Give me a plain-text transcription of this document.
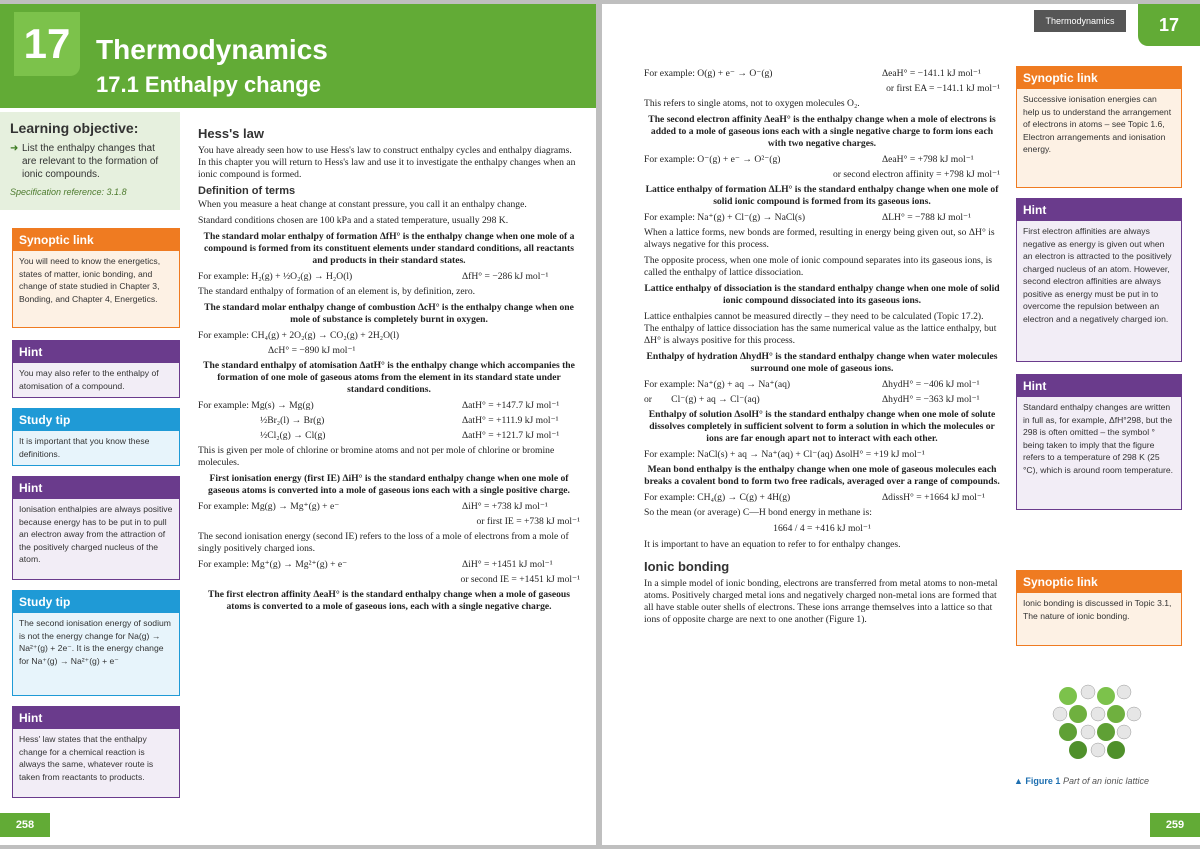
17 Thermodynamics
17.1 Enthalpy change
Learning objective:
➜ List the enthalpy changes that are relevant to the formation of ionic compounds.
Specification reference: 3.1.8
Synoptic link
You will need to know the energetics, states of matter, ionic bonding, and change of state studied in Chapter 3, Bonding, and Chapter 4, Energetics.
Hint
You may also refer to the enthalpy of atomisation of a compound.
Study tip
It is important that you know these definitions.
Hint
Ionisation enthalpies are always positive because energy has to be put in to pull an electron away from the attraction of the positively charged nucleus of the atom.
Study tip
The second ionisation energy of sodium is not the energy change for Na(g) → Na²⁺(g) + 2e⁻. It is the energy change for Na⁺(g) → Na²⁺(g) + e⁻
Hint
Hess' law states that the enthalpy change for a chemical reaction is always the same, whatever route is taken from reactants to products.
Hess's law

You have already seen how to use Hess's law to construct enthalpy cycles and enthalpy diagrams. In this chapter you will return to Hess's law and use it to investigate the enthalpy changes when an ionic compound is formed.

Definition of terms

When you measure a heat change at constant pressure, you call it an enthalpy change.

Standard conditions chosen are 100 kPa and a stated temperature, usually 298 K.

The standard molar enthalpy of formation ΔfH° is the enthalpy change when one mole of a compound is formed from its constituent elements under standard conditions, all reactants and products in their standard states.

For example: H₂(g) + ½O₂(g) → H₂O(l)	ΔfH° = −286 kJ mol⁻¹

The standard enthalpy of formation of an element is, by definition, zero.

The standard molar enthalpy change of combustion ΔcH° is the enthalpy change when one mole of substance is completely burnt in oxygen.

For example: CH₄(g) + 2O₂(g) → CO₂(g) + 2H₂O(l)
ΔcH° = −890 kJ mol⁻¹

The standard enthalpy of atomisation ΔatH° is the enthalpy change which accompanies the formation of one mole of gaseous atoms from the element in its standard state under standard conditions.

For example: Mg(s) → Mg(g)	ΔatH° = +147.7 kJ mol⁻¹
½Br₂(l) → Br(g)	ΔatH° = +111.9 kJ mol⁻¹
½Cl₂(g) → Cl(g)	ΔatH° = +121.7 kJ mol⁻¹

This is given per mole of chlorine or bromine atoms and not per mole of chlorine or bromine molecules.

First ionisation energy (first IE) ΔiH° is the standard enthalpy change when one mole of gaseous atoms is converted into a mole of gaseous ions each with a single positive charge.

For example: Mg(g) → Mg⁺(g) + e⁻	ΔiH° = +738 kJ mol⁻¹
or first IE = +738 kJ mol⁻¹

The second ionisation energy (second IE) refers to the loss of a mole of electrons from a mole of singly positively charged ions.

For example: Mg⁺(g) → Mg²⁺(g) + e⁻	ΔiH° = +1451 kJ mol⁻¹
or second IE = +1451 kJ mol⁻¹

The first electron affinity ΔeaH° is the standard enthalpy change when a mole of gaseous atoms is converted to a mole of gaseous ions, each with a single negative charge.

258
Thermodynamics	17
For example: O(g) + e⁻ → O⁻(g)	ΔeaH° = −141.1 kJ mol⁻¹
or first EA = −141.1 kJ mol⁻¹

This refers to single atoms, not to oxygen molecules O₂.

The second electron affinity ΔeaH° is the enthalpy change when a mole of electrons is added to a mole of gaseous ions each with a single negative charge to form ions each with two negative charges.

For example: O⁻(g) + e⁻ → O²⁻(g)	ΔeaH° = +798 kJ mol⁻¹
or second electron affinity = +798 kJ mol⁻¹

Lattice enthalpy of formation ΔLH° is the standard enthalpy change when one mole of solid ionic compound is formed from its gaseous ions.

For example: Na⁺(g) + Cl⁻(g) → NaCl(s)	ΔLH° = −788 kJ mol⁻¹

When a lattice forms, new bonds are formed, resulting in energy being given out, so ΔH° is always negative for this process.

The opposite process, when one mole of ionic compound separates into its gaseous ions, is called the enthalpy of lattice dissociation.

Lattice enthalpy of dissociation is the standard enthalpy change when one mole of solid ionic compound dissociated into its gaseous ions.

Lattice enthalpies cannot be measured directly – they need to be calculated (Topic 17.2). The enthalpy of lattice dissociation has the same numerical value as the lattice enthalpy, but ΔH° is always positive for this process.

Enthalpy of hydration ΔhydH° is the standard enthalpy change when water molecules surround one mole of gaseous ions.

For example: Na⁺(g) + aq → Na⁺(aq)	ΔhydH° = −406 kJ mol⁻¹
or        Cl⁻(g) + aq → Cl⁻(aq)	ΔhydH° = −363 kJ mol⁻¹

Enthalpy of solution ΔsolH° is the standard enthalpy change when one mole of solute dissolves completely in sufficient solvent to form a solution in which the molecules or ions are far enough apart not to interact with each other.

For example: NaCl(s) + aq → Na⁺(aq) + Cl⁻(aq) ΔsolH° = +19 kJ mol⁻¹

Mean bond enthalpy is the enthalpy change when one mole of gaseous molecules each breaks a covalent bond to form two free radicals, averaged over a range of compounds.

For example: CH₄(g) → C(g) + 4H(g)	ΔdissH° = +1664 kJ mol⁻¹

So the mean (or average) C—H bond energy in methane is:

1664 / 4 = +416 kJ mol⁻¹

It is important to have an equation to refer to for enthalpy changes.

Ionic bonding

In a simple model of ionic bonding, electrons are transferred from metal atoms to non-metal atoms. Positively charged metal ions and negatively charged non-metal ions are formed that all have stable outer shells of electrons. These ions arrange themselves into a lattice so that ions of opposite charge are next to one another (Figure 1).

Synoptic link
Successive ionisation energies can help us to understand the arrangement of electrons in atoms – see Topic 1.6, Electron arrangements and ionisation energy.
Hint
First electron affinities are always negative as energy is given out when an electron is attracted to the positively charged nucleus of an atom. However, second electron affinities are always positive as energy must be put in to overcome the repulsion between an electron and a negatively charged ion.
Hint
Standard enthalpy changes are written in full as, for example, ΔfH°298, but the 298 is often omitted – the symbol ° being taken to imply that the figure refers to a temperature of 298 K (25 °C), which is around room temperature.
Synoptic link
Ionic bonding is discussed in Topic 3.1, The nature of ionic bonding.
▲ Figure 1 Part of an ionic lattice
259
